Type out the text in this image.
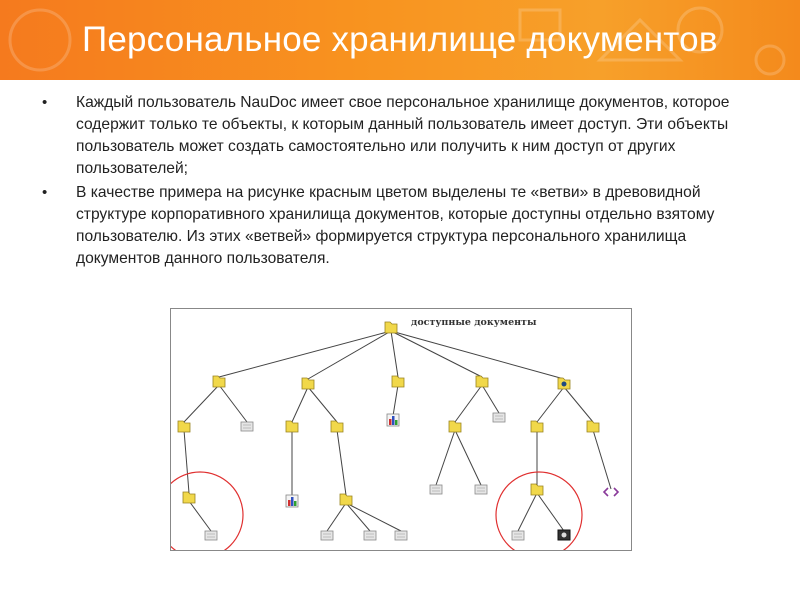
Персональное хранилище документов
• Каждый пользователь NauDoc имеет свое персональное хранилище документов, которое содержит только те объекты, к которым данный пользователь имеет доступ. Эти объекты пользователь может создать самостоятельно или получить к ним доступ от других пользователей;
• В качестве примера на рисунке красным цветом выделены те «ветви» в древовидной структуре корпоративного хранилища документов, которые доступны отдельно взятому пользователю. Из этих «ветвей» формируется структура персонального хранилища документов данного пользователя.
доступные документы
